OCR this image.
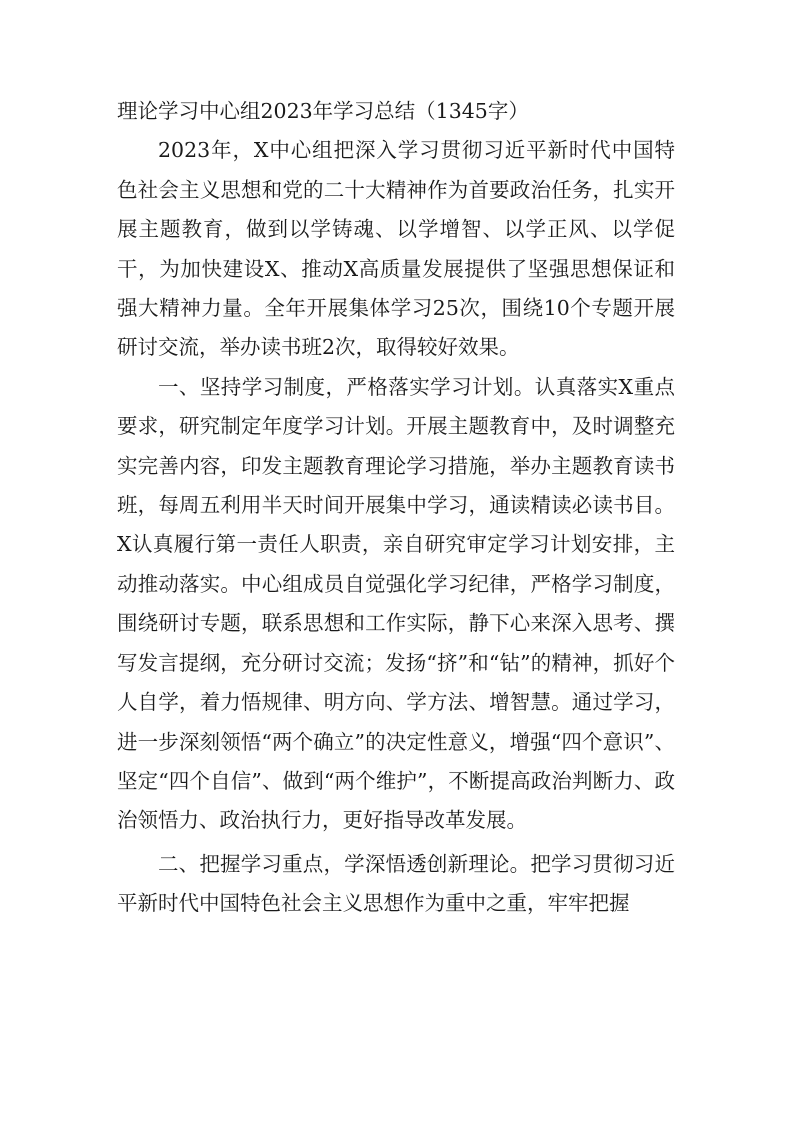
理论学习中心组2023年学习总结（1345字）

2023年，X中心组把深入学习贯彻习近平新时代中国特色社会主义思想和党的二十大精神作为首要政治任务，扎实开展主题教育，做到以学铸魂、以学增智、以学正风、以学促干，为加快建设X、推动X高质量发展提供了坚强思想保证和强大精神力量。全年开展集体学习25次，围绕10个专题开展研讨交流，举办读书班2次，取得较好效果。

一、坚持学习制度，严格落实学习计划。认真落实X重点要求，研究制定年度学习计划。开展主题教育中，及时调整充实完善内容，印发主题教育理论学习措施，举办主题教育读书班，每周五利用半天时间开展集中学习，通读精读必读书目。X认真履行第一责任人职责，亲自研究审定学习计划安排，主动推动落实。中心组成员自觉强化学习纪律，严格学习制度，围绕研讨专题，联系思想和工作实际，静下心来深入思考、撰写发言提纲，充分研讨交流；发扬“挤”和“钻”的精神，抓好个人自学，着力悟规律、明方向、学方法、增智慧。通过学习，进一步深刻领悟“两个确立”的决定性意义，增强“四个意识”、坚定“四个自信”、做到“两个维护”，不断提高政治判断力、政治领悟力、政治执行力，更好指导改革发展。

二、把握学习重点，学深悟透创新理论。把学习贯彻习近平新时代中国特色社会主义思想作为重中之重，牢牢把握
